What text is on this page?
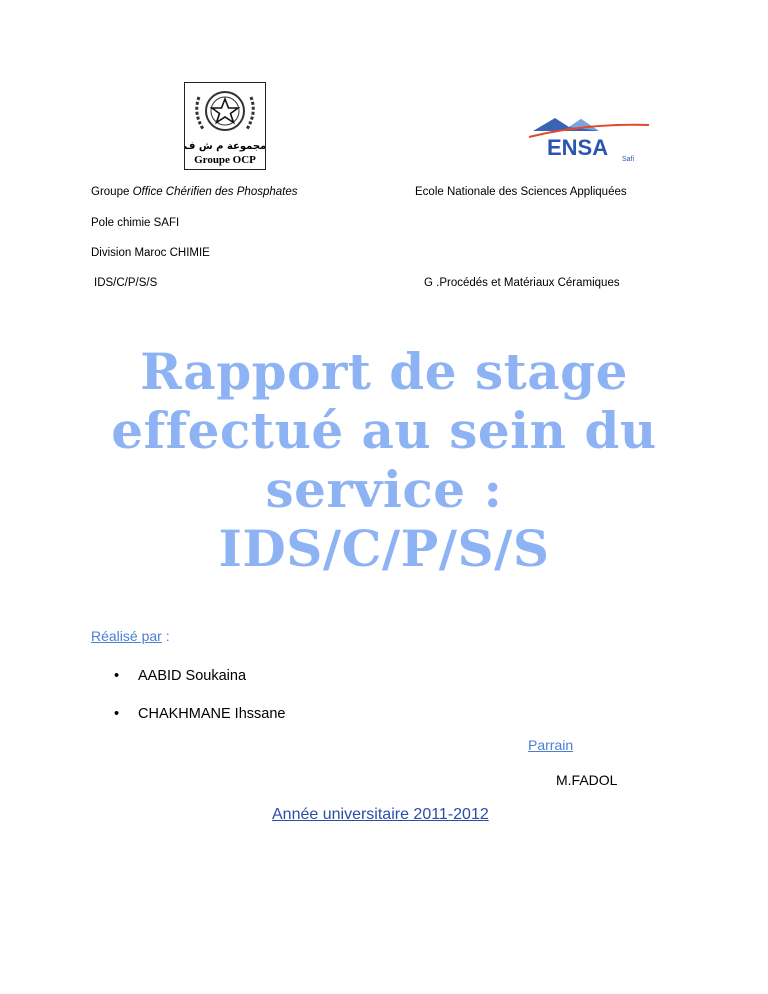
مجموعة م ش ف
Groupe OCP	ENSA Safi
Groupe Office Chérifien des Phosphates
Pole chimie SAFI
Division Maroc CHIMIE
IDS/C/P/S/S
Ecole Nationale des Sciences Appliquées
G .Procédés et Matériaux Céramiques
Rapport de stage
effectué au sein du
service :
IDS/C/P/S/S
Réalisé par :
•	AABID Soukaina
•	CHAKHMANE Ihssane
Parrain
M.FADOL
Année universitaire 2011-2012
